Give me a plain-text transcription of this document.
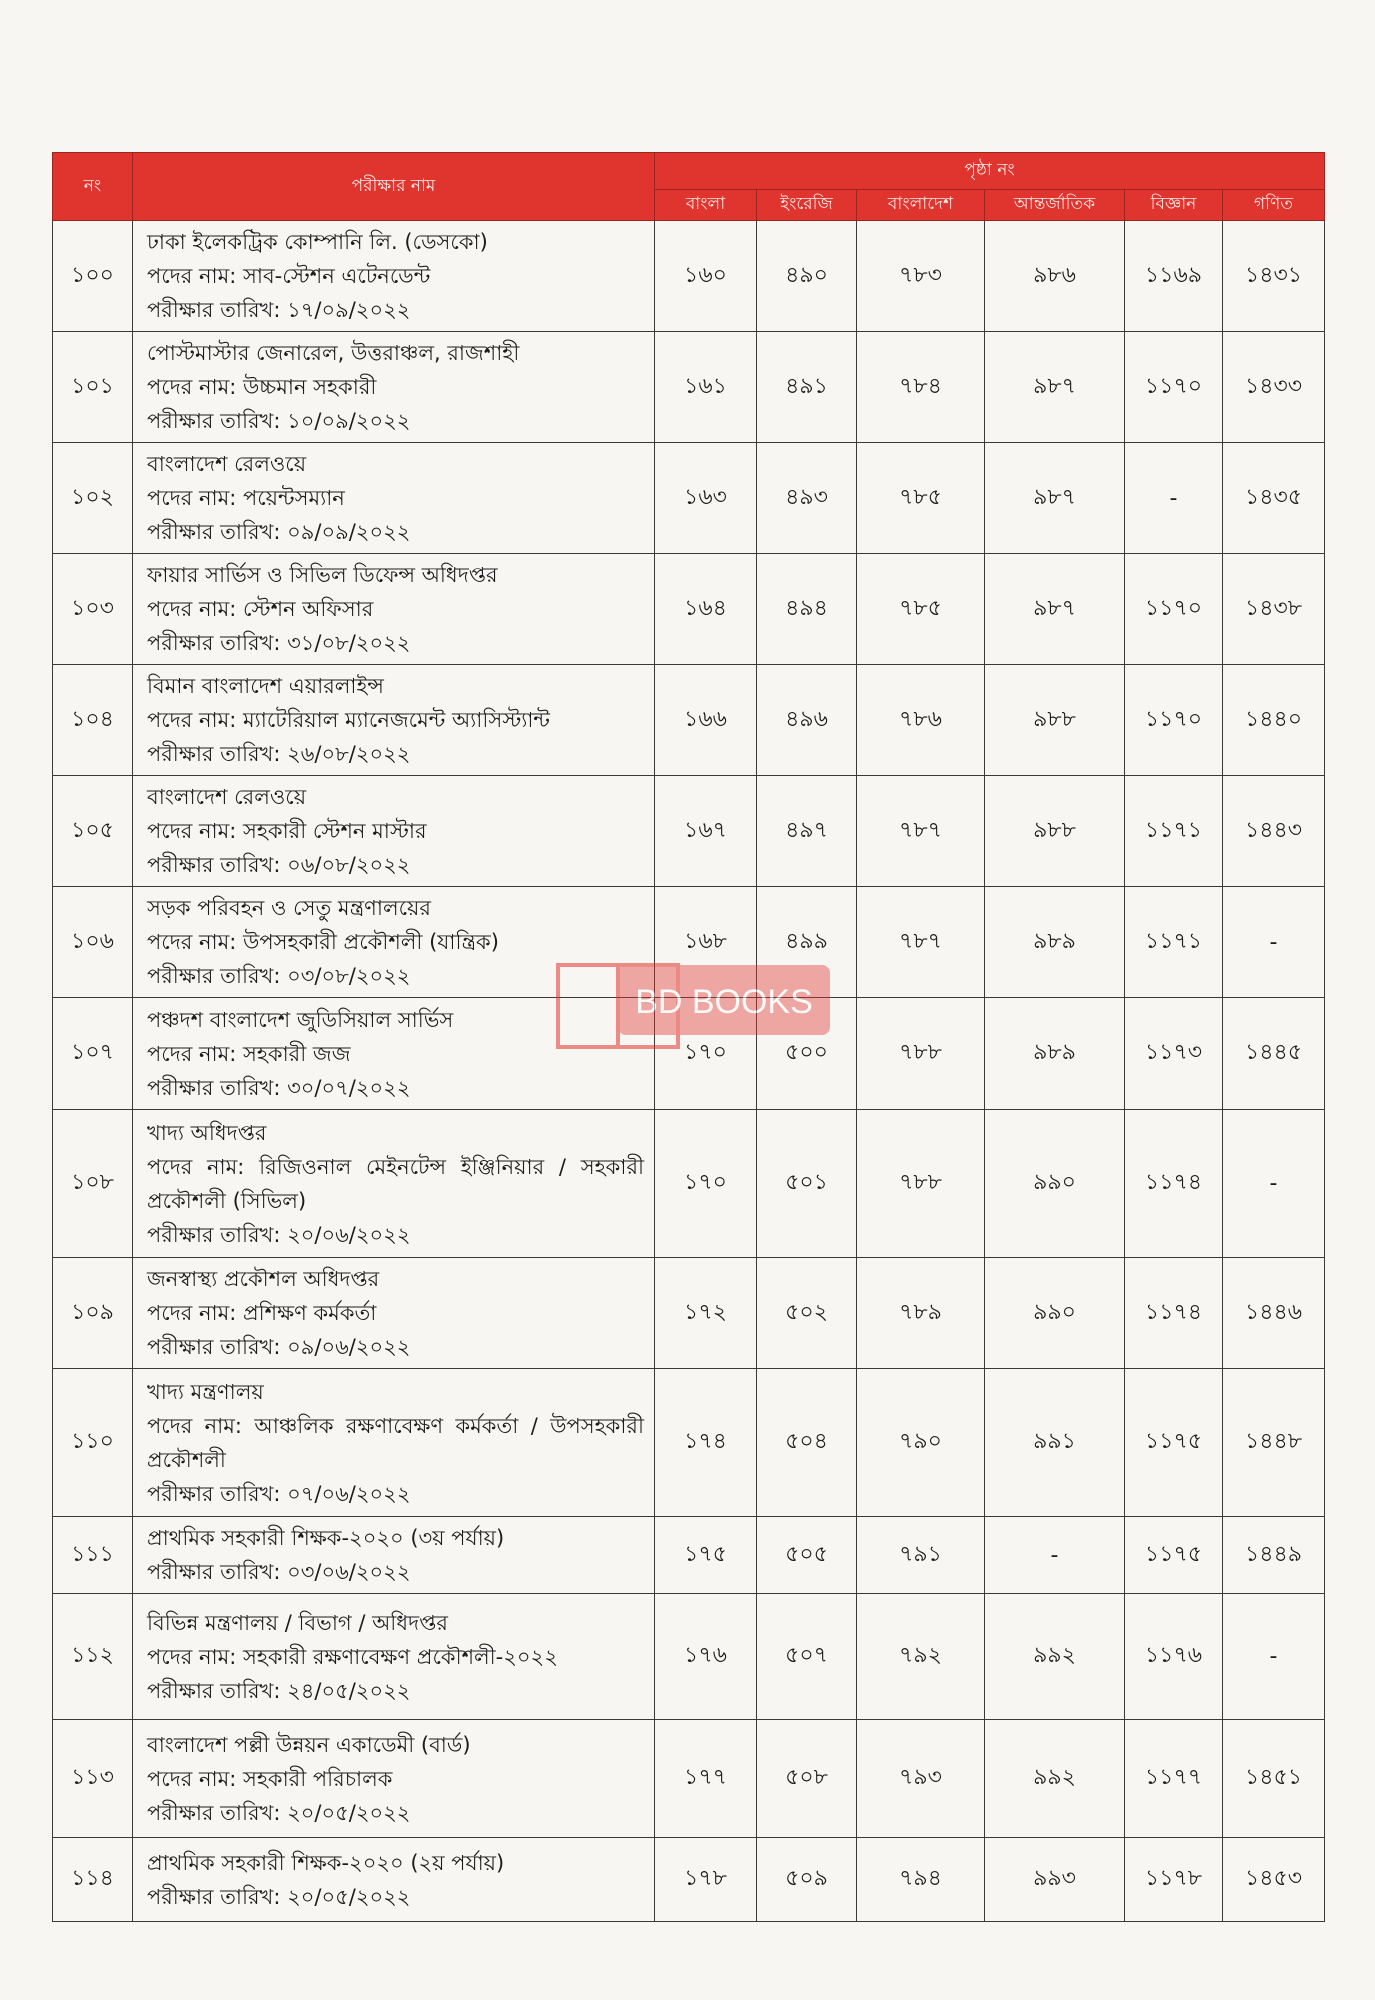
নং	পরীক্ষার নাম	পৃষ্ঠা নং					
		বাংলা	ইংরেজি	বাংলাদেশ	আন্তর্জাতিক	বিজ্ঞান	গণিত
১০০	ঢাকা ইলেকট্রিক কোম্পানি লি. (ডেসকো)
পদের নাম: সাব-স্টেশন এটেনডেন্ট
পরীক্ষার তারিখ: ১৭/০৯/২০২২	১৬০	৪৯০	৭৮৩	৯৮৬	১১৬৯	১৪৩১
১০১	পোস্টমাস্টার জেনারেল, উত্তরাঞ্চল, রাজশাহী
পদের নাম: উচ্চমান সহকারী
পরীক্ষার তারিখ: ১০/০৯/২০২২	১৬১	৪৯১	৭৮৪	৯৮৭	১১৭০	১৪৩৩
১০২	বাংলাদেশ রেলওয়ে
পদের নাম: পয়েন্টসম্যান
পরীক্ষার তারিখ: ০৯/০৯/২০২২	১৬৩	৪৯৩	৭৮৫	৯৮৭	-	১৪৩৫
১০৩	ফায়ার সার্ভিস ও সিভিল ডিফেন্স অধিদপ্তর
পদের নাম: স্টেশন অফিসার
পরীক্ষার তারিখ: ৩১/০৮/২০২২	১৬৪	৪৯৪	৭৮৫	৯৮৭	১১৭০	১৪৩৮
১০৪	বিমান বাংলাদেশ এয়ারলাইন্স
পদের নাম: ম্যাটেরিয়াল ম্যানেজমেন্ট অ্যাসিস্ট্যান্ট
পরীক্ষার তারিখ: ২৬/০৮/২০২২	১৬৬	৪৯৬	৭৮৬	৯৮৮	১১৭০	১৪৪০
১০৫	বাংলাদেশ রেলওয়ে
পদের নাম: সহকারী স্টেশন মাস্টার
পরীক্ষার তারিখ: ০৬/০৮/২০২২	১৬৭	৪৯৭	৭৮৭	৯৮৮	১১৭১	১৪৪৩
১০৬	সড়ক পরিবহন ও সেতু মন্ত্রণালয়ের
পদের নাম: উপসহকারী প্রকৌশলী (যান্ত্রিক)
পরীক্ষার তারিখ: ০৩/০৮/২০২২	১৬৮	৪৯৯	৭৮৭	৯৮৯	১১৭১	-
১০৭	পঞ্চদশ বাংলাদেশ জুডিসিয়াল সার্ভিস
পদের নাম: সহকারী জজ
পরীক্ষার তারিখ: ৩০/০৭/২০২২	১৭০	৫০০	৭৮৮	৯৮৯	১১৭৩	১৪৪৫
১০৮	খাদ্য অধিদপ্তর
পদের নাম: রিজিওনাল মেইনটেন্স ইঞ্জিনিয়ার / সহকারী প্রকৌশলী (সিভিল)
পরীক্ষার তারিখ: ২০/০৬/২০২২	১৭০	৫০১	৭৮৮	৯৯০	১১৭৪	-
১০৯	জনস্বাস্থ্য প্রকৌশল অধিদপ্তর
পদের নাম: প্রশিক্ষণ কর্মকর্তা
পরীক্ষার তারিখ: ০৯/০৬/২০২২	১৭২	৫০২	৭৮৯	৯৯০	১১৭৪	১৪৪৬
১১০	খাদ্য মন্ত্রণালয়
পদের নাম: আঞ্চলিক রক্ষণাবেক্ষণ কর্মকর্তা / উপসহকারী প্রকৌশলী
পরীক্ষার তারিখ: ০৭/০৬/২০২২	১৭৪	৫০৪	৭৯০	৯৯১	১১৭৫	১৪৪৮
১১১	প্রাথমিক সহকারী শিক্ষক-২০২০ (৩য় পর্যায়)
পরীক্ষার তারিখ: ০৩/০৬/২০২২	১৭৫	৫০৫	৭৯১	-	১১৭৫	১৪৪৯
১১২	বিভিন্ন মন্ত্রণালয় / বিভাগ / অধিদপ্তর
পদের নাম: সহকারী রক্ষণাবেক্ষণ প্রকৌশলী-২০২২
পরীক্ষার তারিখ: ২৪/০৫/২০২২	১৭৬	৫০৭	৭৯২	৯৯২	১১৭৬	-
১১৩	বাংলাদেশ পল্লী উন্নয়ন একাডেমী (বার্ড)
পদের নাম: সহকারী পরিচালক
পরীক্ষার তারিখ: ২০/০৫/২০২২	১৭৭	৫০৮	৭৯৩	৯৯২	১১৭৭	১৪৫১
১১৪	প্রাথমিক সহকারী শিক্ষক-২০২০ (২য় পর্যায়)
পরীক্ষার তারিখ: ২০/০৫/২০২২	১৭৮	৫০৯	৭৯৪	৯৯৩	১১৭৮	১৪৫৩
BD BOOKS
